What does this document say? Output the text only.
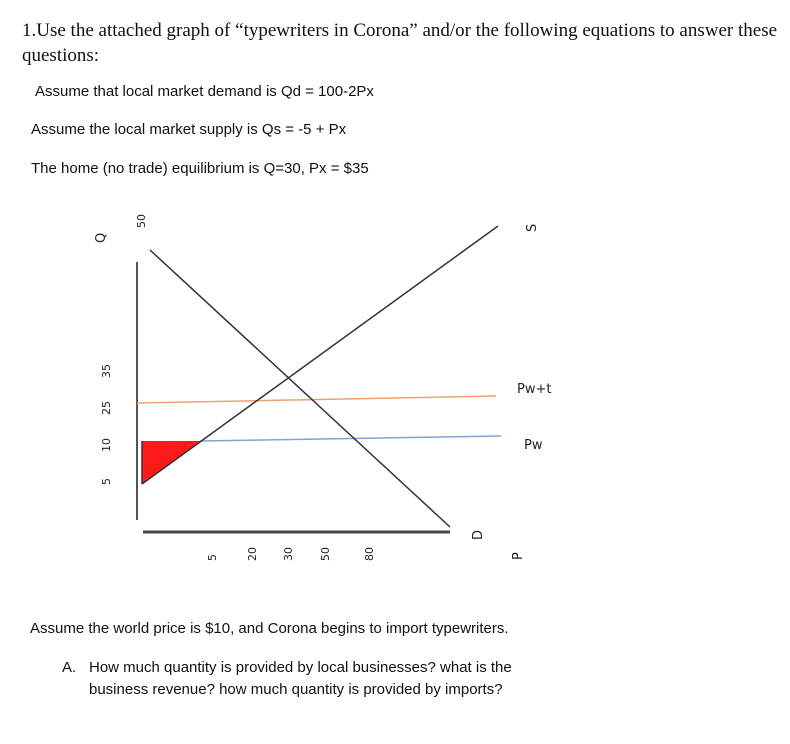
1.Use the attached graph of “typewriters in Corona” and/or the following equations to answer these questions:
Assume that local market demand is Qd = 100-2Px
Assume the local market supply is Qs = -5 + Px
The home (no trade) equilibrium is Q=30, Px = $35
50
35
25
10
5
Q
P
5 20 30 50	80
S
D
Pw+t
Pw
Assume the world price is $10, and Corona begins to import typewriters.
A. How much quantity is provided by local businesses? what is the business revenue? how much quantity is provided by imports?
